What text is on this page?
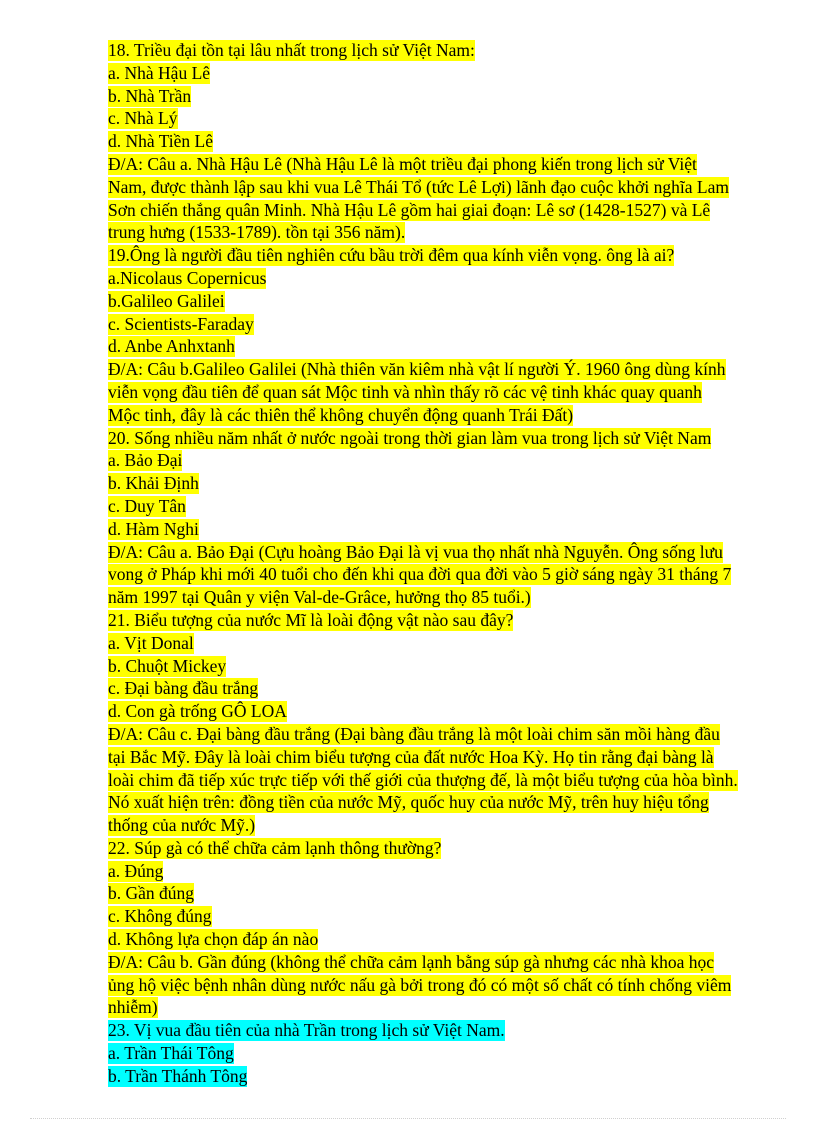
18. Triều đại tồn tại lâu nhất trong lịch sử Việt Nam:
a. Nhà Hậu Lê
b. Nhà Trần
c. Nhà Lý
d. Nhà Tiền Lê
Đ/A: Câu a. Nhà Hậu Lê (Nhà Hậu Lê là một triều đại phong kiến trong lịch sử Việt
Nam, được thành lập sau khi vua Lê Thái Tổ (tức Lê Lợi) lãnh đạo cuộc khởi nghĩa Lam
Sơn chiến thắng quân Minh. Nhà Hậu Lê gồm hai giai đoạn: Lê sơ (1428-1527) và Lê
trung hưng (1533-1789). tồn tại 356 năm).
19.Ông là người đầu tiên nghiên cứu bầu trời đêm qua kính viễn vọng. ông là ai?
a.Nicolaus Copernicus
b.Galileo Galilei
c. Scientists-Faraday
d. Anbe Anhxtanh
Đ/A: Câu b.Galileo Galilei (Nhà thiên văn kiêm nhà vật lí người Ý. 1960 ông dùng kính
viễn vọng đầu tiên để quan sát Mộc tinh và nhìn thấy rõ các vệ tinh khác quay quanh
Mộc tinh, đây là các thiên thể không chuyển động quanh Trái Đất)
20. Sống nhiều năm nhất ở nước ngoài trong thời gian làm vua trong lịch sử Việt Nam
a. Bảo Đại
b. Khải Định
c. Duy Tân
d. Hàm Nghi
Đ/A: Câu a. Bảo Đại (Cựu hoàng Bảo Đại là vị vua thọ nhất nhà Nguyễn. Ông sống lưu
vong ở Pháp khi mới 40 tuổi cho đến khi qua đời qua đời vào 5 giờ sáng ngày 31 tháng 7
năm 1997 tại Quân y viện Val-de-Grâce, hưởng thọ 85 tuổi.)
21. Biểu tượng của nước Mĩ là loài động vật nào sau đây?
a. Vịt Donal
b. Chuột Mickey
c. Đại bàng đầu trắng
d. Con gà trống GÔ LOA
Đ/A: Câu c. Đại bàng đầu trắng (Đại bàng đầu trắng là một loài chim săn mồi hàng đầu
tại Bắc Mỹ. Đây là loài chim biểu tượng của đất nước Hoa Kỳ. Họ tin rằng đại bàng là
loài chim đã tiếp xúc trực tiếp với thế giới của thượng đế, là một biểu tượng của hòa bình.
Nó xuất hiện trên: đồng tiền của nước Mỹ, quốc huy của nước Mỹ, trên huy hiệu tổng
thống của nước Mỹ.)
22. Súp gà có thể chữa cảm lạnh thông thường?
a. Đúng
b. Gần đúng
c. Không đúng
d. Không lựa chọn đáp án nào
Đ/A: Câu b. Gần đúng (không thể chữa cảm lạnh bằng súp gà nhưng các nhà khoa học
ủng hộ việc bệnh nhân dùng nước nấu gà bởi trong đó có một số chất có tính chống viêm
nhiễm)
23. Vị vua đầu tiên của nhà Trần trong lịch sử Việt Nam.
a. Trần Thái Tông
b. Trần Thánh Tông
